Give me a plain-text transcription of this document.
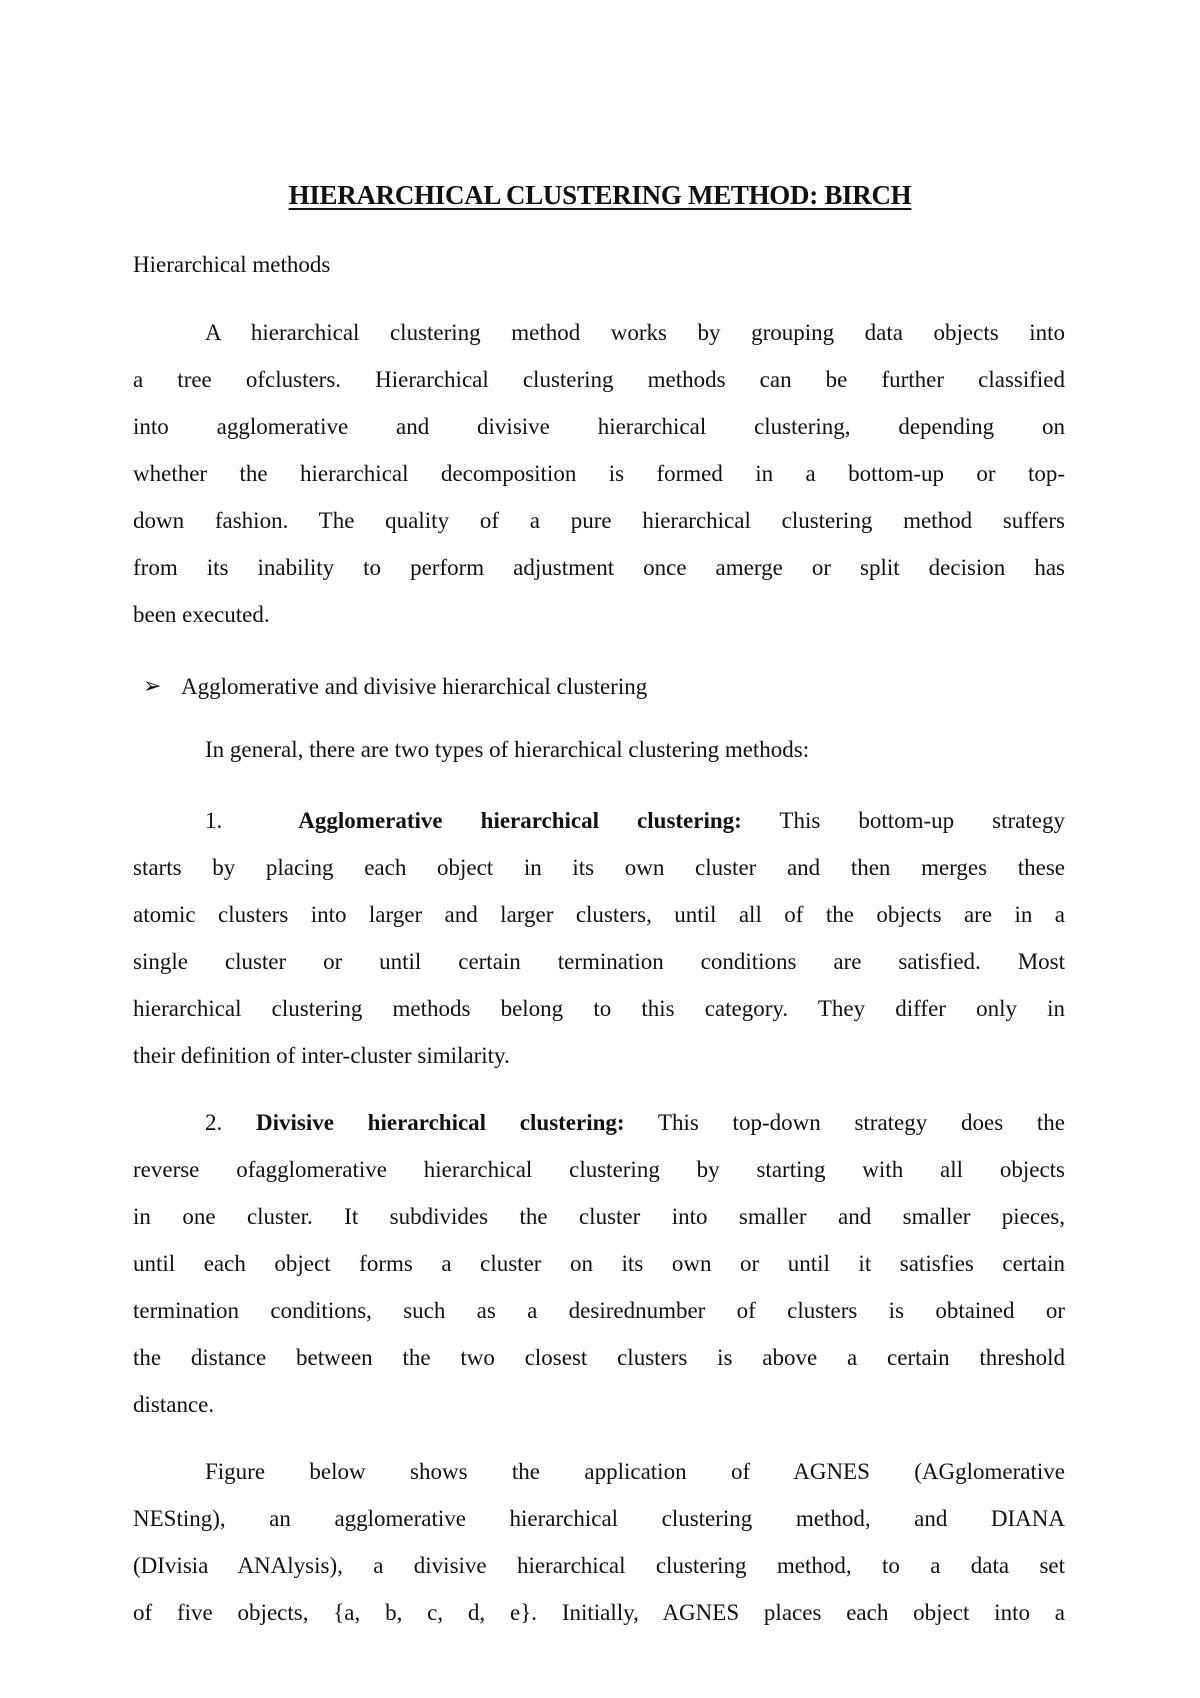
HIERARCHICAL CLUSTERING METHOD: BIRCH
Hierarchical methods
A hierarchical clustering method works by grouping data objects into
a tree ofclusters. Hierarchical clustering methods can be further classified
into agglomerative and divisive hierarchical clustering, depending on
whether the hierarchical decomposition is formed in a bottom-up or top-
down fashion. The quality of a pure hierarchical clustering method suffers
from its inability to perform adjustment once amerge or split decision has
been executed.
➢ Agglomerative and divisive hierarchical clustering
In general, there are two types of hierarchical clustering methods:
1.	Agglomerative hierarchical clustering: This bottom-up strategy
starts by placing each object in its own cluster and then merges these
atomic clusters into larger and larger clusters, until all of the objects are in a
single cluster or until certain termination conditions are satisfied. Most
hierarchical clustering methods belong to this category. They differ only in
their definition of inter-cluster similarity.
2. Divisive hierarchical clustering: This top-down strategy does the
reverse ofagglomerative hierarchical clustering by starting with all objects
in one cluster. It subdivides the cluster into smaller and smaller pieces,
until each object forms a cluster on its own or until it satisfies certain
termination conditions, such as a desirednumber of clusters is obtained or
the distance between the two closest clusters is above a certain threshold
distance.
Figure below shows the application of AGNES (AGglomerative
NESting), an agglomerative hierarchical clustering method, and DIANA
(DIvisia ANAlysis), a divisive hierarchical clustering method, to a data set
of five objects, {a, b, c, d, e}. Initially, AGNES places each object into a
